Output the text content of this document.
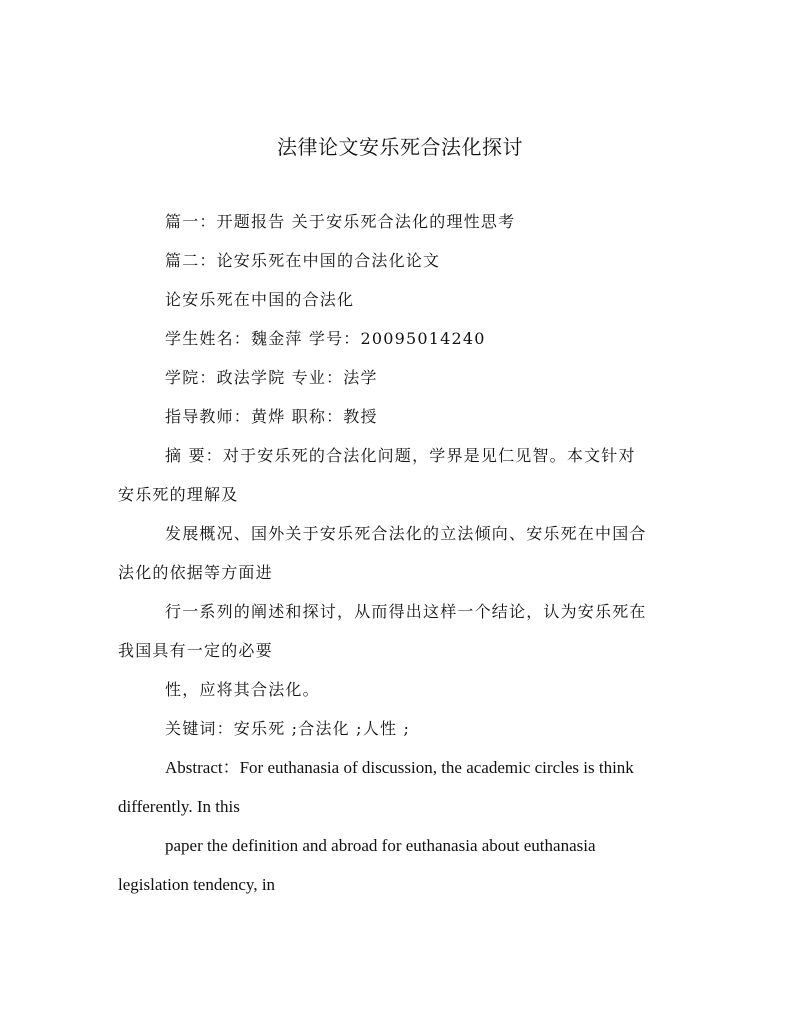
法律论文安乐死合法化探讨
篇一：开题报告 关于安乐死合法化的理性思考
篇二：论安乐死在中国的合法化论文
论安乐死在中国的合法化
学生姓名：魏金萍 学号：20095014240
学院：政法学院 专业：法学
指导教师：黄烨 职称：教授
摘 要：对于安乐死的合法化问题，学界是见仁见智。本文针对
安乐死的理解及
发展概况、国外关于安乐死合法化的立法倾向、安乐死在中国合
法化的依据等方面进
行一系列的阐述和探讨，从而得出这样一个结论，认为安乐死在
我国具有一定的必要
性，应将其合法化。
关键词：安乐死 ;合法化 ;人性 ;
Abstract：For euthanasia of discussion, the academic circles is think
differently. In this
paper the definition and abroad for euthanasia about euthanasia
legislation tendency, in
